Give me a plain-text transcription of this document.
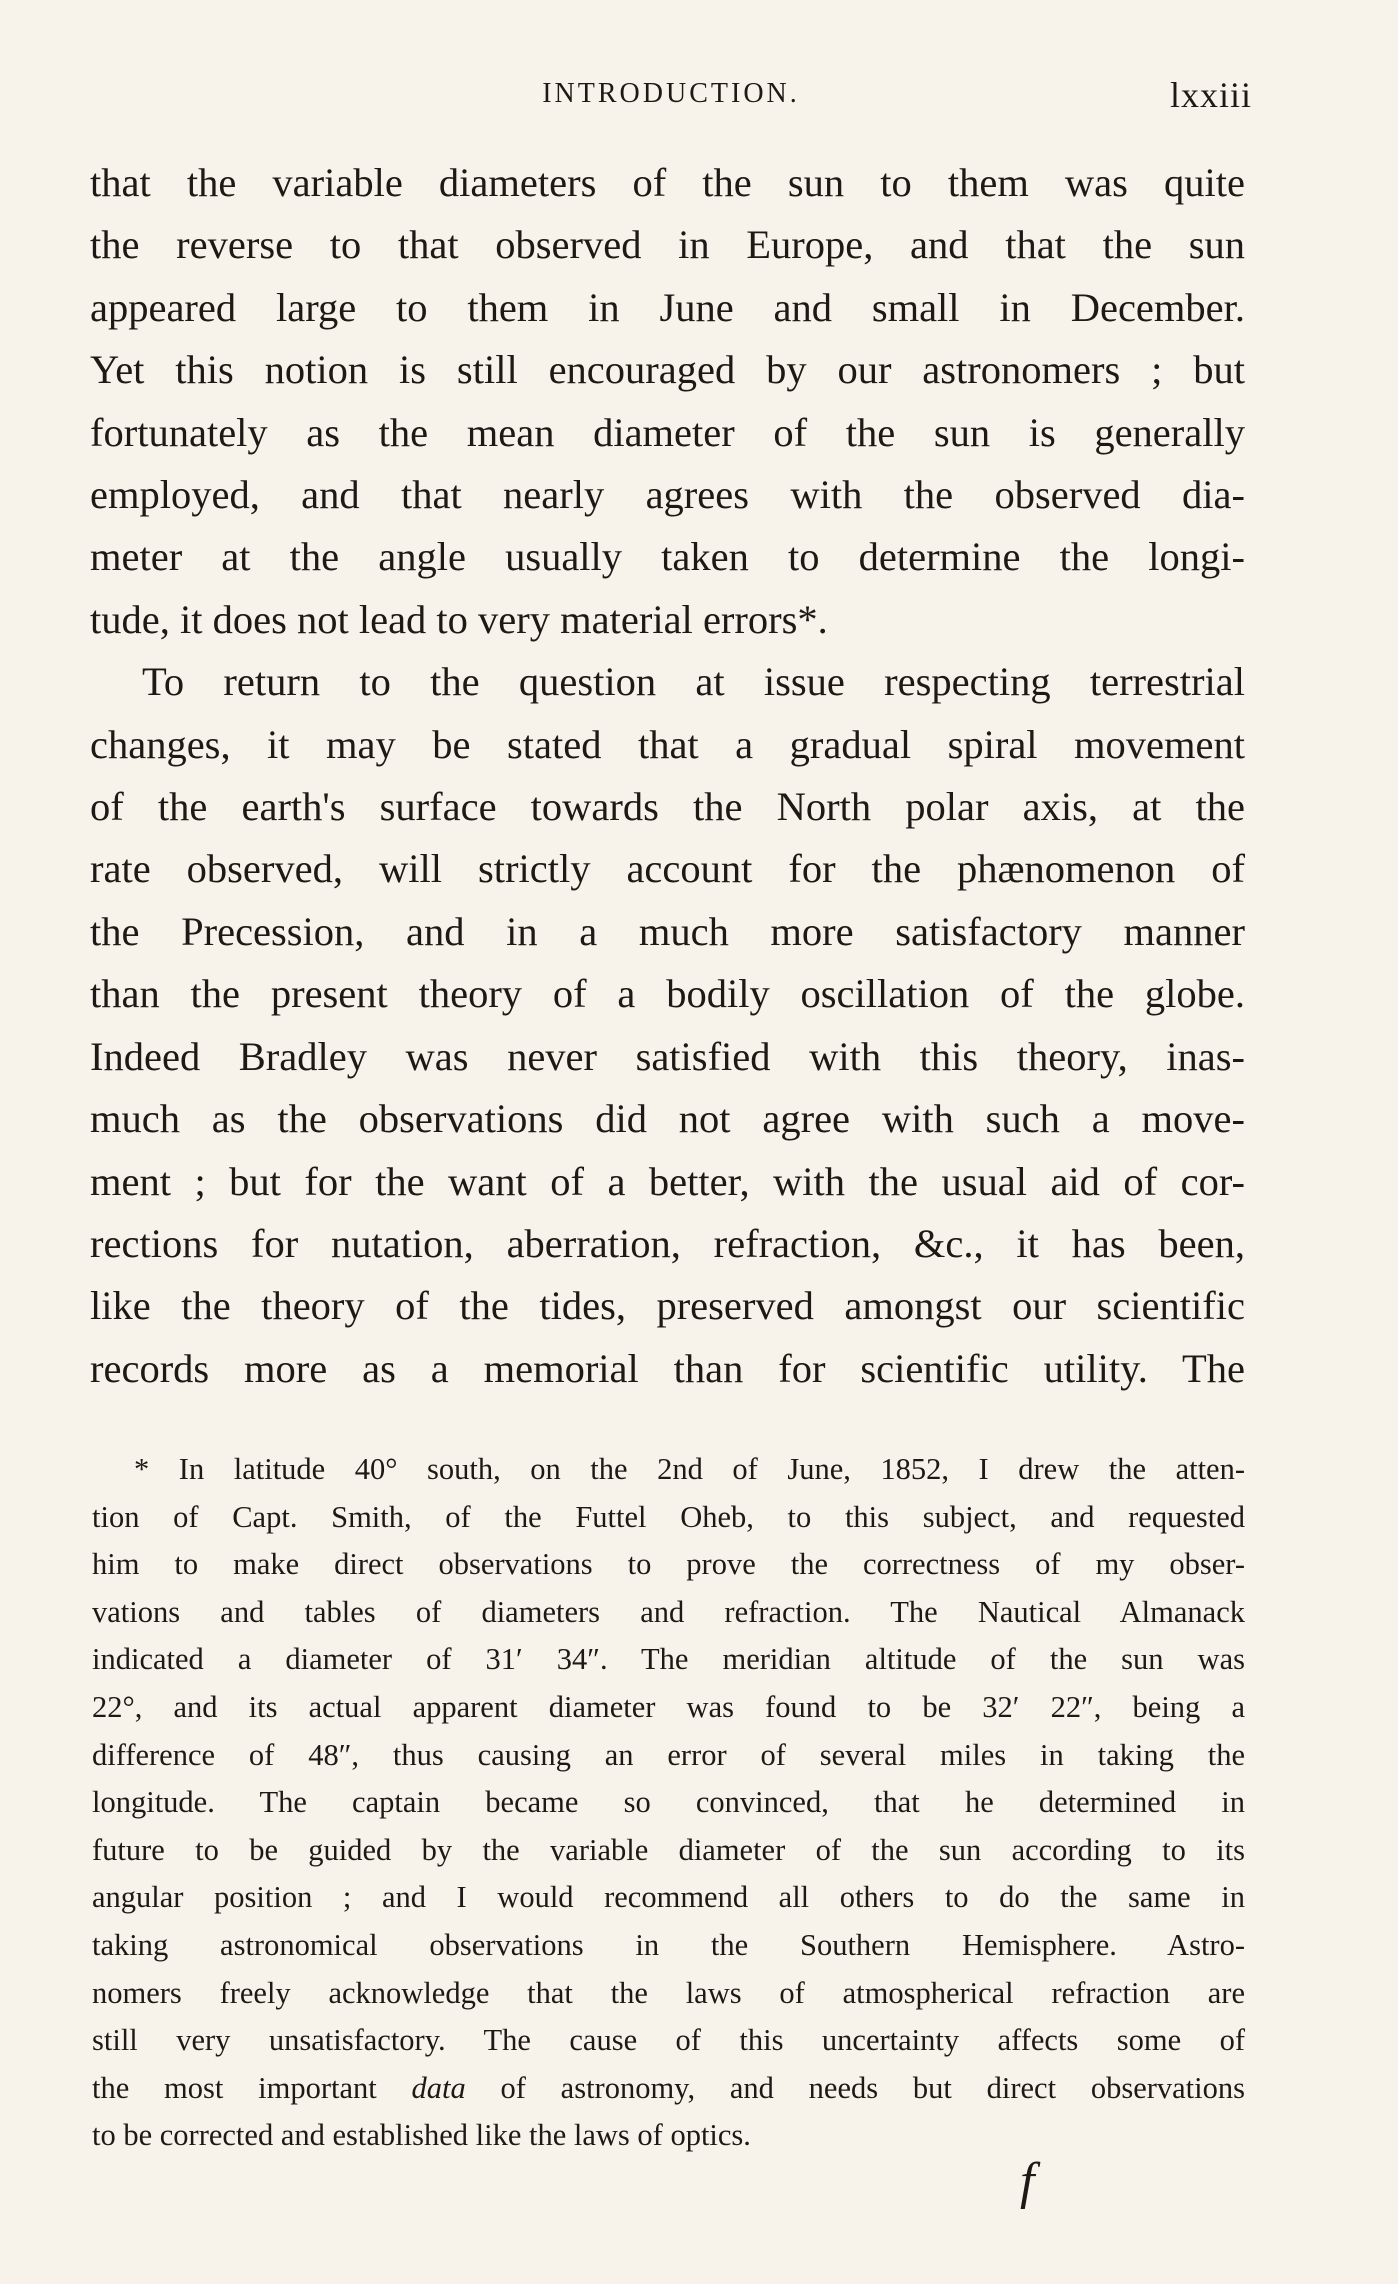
INTRODUCTION.	lxxiii
that the variable diameters of the sun to them was quite
the reverse to that observed in Europe, and that the sun
appeared large to them in June and small in December.
Yet this notion is still encouraged by our astronomers ; but
fortunately as the mean diameter of the sun is generally
employed, and that nearly agrees with the observed dia-
meter at the angle usually taken to determine the longi-
tude, it does not lead to very material errors*.
To return to the question at issue respecting terrestrial
changes, it may be stated that a gradual spiral movement
of the earth's surface towards the North polar axis, at the
rate observed, will strictly account for the phænomenon of
the Precession, and in a much more satisfactory manner
than the present theory of a bodily oscillation of the globe.
Indeed Bradley was never satisfied with this theory, inas-
much as the observations did not agree with such a move-
ment ; but for the want of a better, with the usual aid of cor-
rections for nutation, aberration, refraction, &c., it has been,
like the theory of the tides, preserved amongst our scientific
records more as a memorial than for scientific utility. The
* In latitude 40° south, on the 2nd of June, 1852, I drew the atten-
tion of Capt. Smith, of the Futtel Oheb, to this subject, and requested
him to make direct observations to prove the correctness of my obser-
vations and tables of diameters and refraction. The Nautical Almanack
indicated a diameter of 31′ 34″. The meridian altitude of the sun was
22°, and its actual apparent diameter was found to be 32′ 22″, being a
difference of 48″, thus causing an error of several miles in taking the
longitude. The captain became so convinced, that he determined in
future to be guided by the variable diameter of the sun according to its
angular position ; and I would recommend all others to do the same in
taking astronomical observations in the Southern Hemisphere. Astro-
nomers freely acknowledge that the laws of atmospherical refraction are
still very unsatisfactory. The cause of this uncertainty affects some of
the most important data of astronomy, and needs but direct observations
to be corrected and established like the laws of optics.
f
